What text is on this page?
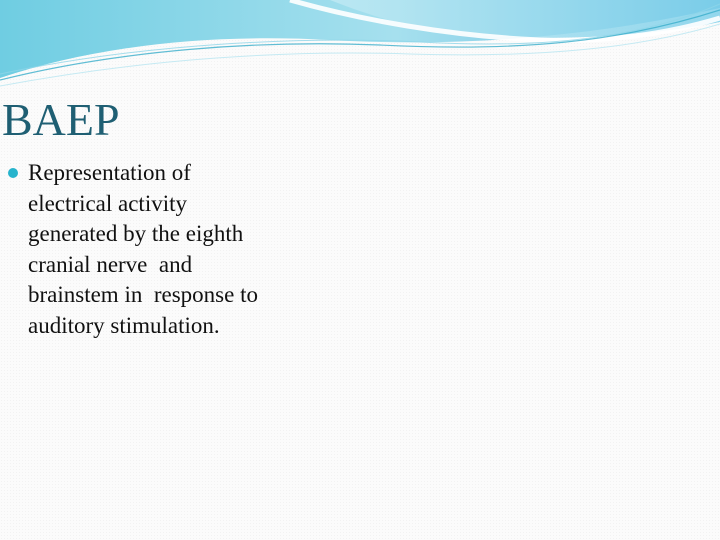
BAEP
Representation of
electrical activity
generated by the eighth
cranial nerve  and
brainstem in  response to
auditory stimulation.
